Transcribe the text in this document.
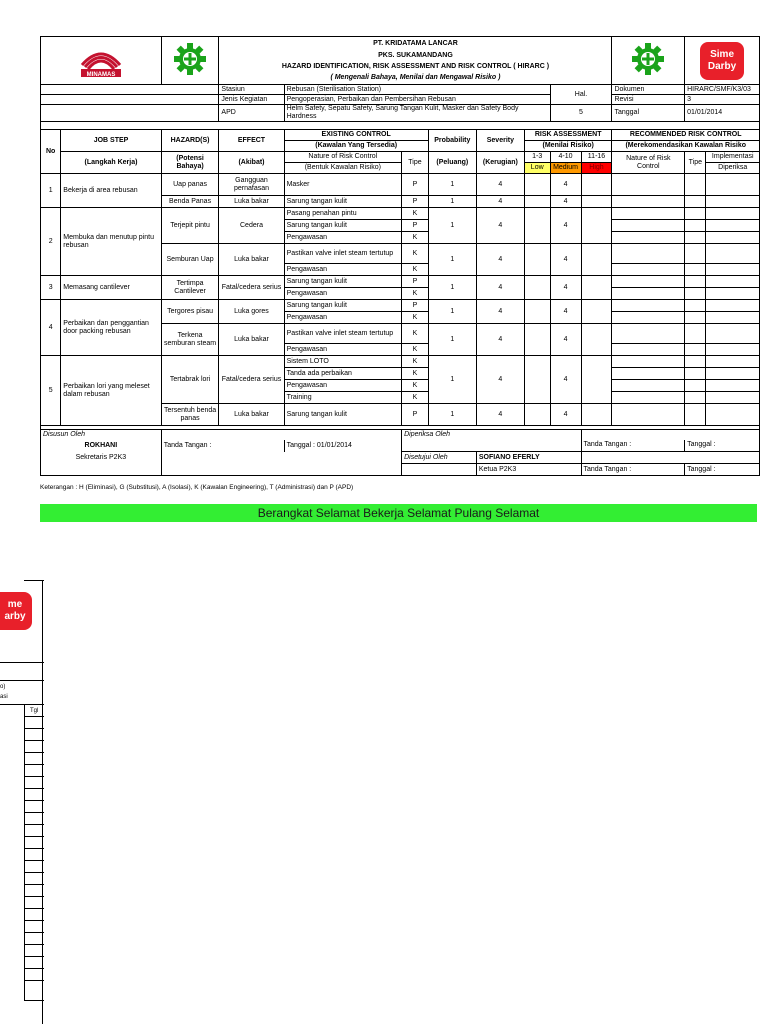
MINAMAS			PT. KRIDATAMA LANCAR									Sime
Darby	

			PKS. SUKAMANDANG										
			HAZARD IDENTIFICATION, RISK ASSESSMENT AND RISK CONTROL ( HIRARC )										
			( Mengenali Bahaya, Menilai dan Mengawal Risiko )										
			Stasiun	Rebusan (Sterilisation Station)					Hal.		Dokumen	HIRARC/SMF/K3/03	
			Jenis Kegiatan	Pengoperasian, Perbaikan dan Pembersihan Rebusan							Revisi	3	
			APD	Helm Safety, Sepatu Safety, Sarung Tangan Kulit, Masker dan Safety Body Hardness					5		Tanggal	01/01/2014	

No	JOB STEP	HAZARD(S)	EFFECT	EXISTING CONTROL		Probability	Severity	RISK ASSESSMENT			RECOMMENDED RISK CONTROL		
				(Kawalan Yang Tersedia)				(Menilai Risiko)			(Merekomendasikan Kawalan Risiko		
	(Langkah Kerja)	(Potensi Bahaya)	(Akibat)	Nature of Risk Control	Tipe	(Peluang)	(Kerugian)	1-3	4-10	11-16	Nature of Risk Control	Tipe	Implementasi
				(Bentuk Kawalan Risiko)				Low	Medium	High			Diperiksa
1	Bekerja di area rebusan	Uap panas	Gangguan pernafasan	Masker	P	1	4		4				
		Benda Panas	Luka bakar	Sarung tangan kulit	P	1	4		4				
2	Membuka dan menutup pintu rebusan	Terjepit pintu	Cedera	Pasang penahan pintu	K	1	4		4				
				Sarung tangan kulit	P								
				Pengawasan	K								
		Semburan Uap	Luka bakar	Pastikan valve inlet steam tertutup	K	1	4		4				
				Pengawasan	K								
3	Memasang cantilever	Tertimpa Cantilever	Fatal/cedera serius	Sarung tangan kulit	P	1	4		4				
				Pengawasan	K								
4	Perbaikan dan penggantian door packing rebusan	Tergores pisau	Luka gores	Sarung tangan kulit	P	1	4		4				
				Pengawasan	K								
		Terkena semburan steam	Luka bakar	Pastikan valve inlet steam tertutup	K	1	4		4				
				Pengawasan	K								
5	Perbaikan lori yang meleset dalam rebusan	Tertabrak lori	Fatal/cedera serius	Sistem LOTO	K	1	4		4				
				Tanda ada perbaikan	K								
				Pengawasan	K								
				Training	K								
		Tersentuh benda panas	Luka bakar	Sarung tangan kulit	P	1	4		4				

Disusun Oleh					Diperiksa Oleh								
ROKHANI		Tanda Tangan :		Tanggal : 01/01/2014						Tanda Tangan :		Tanggal :	
Sekretaris P2K3					Disetujui Oleh		SOFIANO EFERLY						
							Ketua P2K3			Tanda Tangan :		Tanggal :	
Keterangan : H (Eliminasi), G (Substitusi), A (Isolasi), K (Kawalan Engineering), T (Administrasi) dan P (APD)
Berangkat Selamat Bekerja Selamat Pulang Selamat
me
arby
o)
asi
Tgl
